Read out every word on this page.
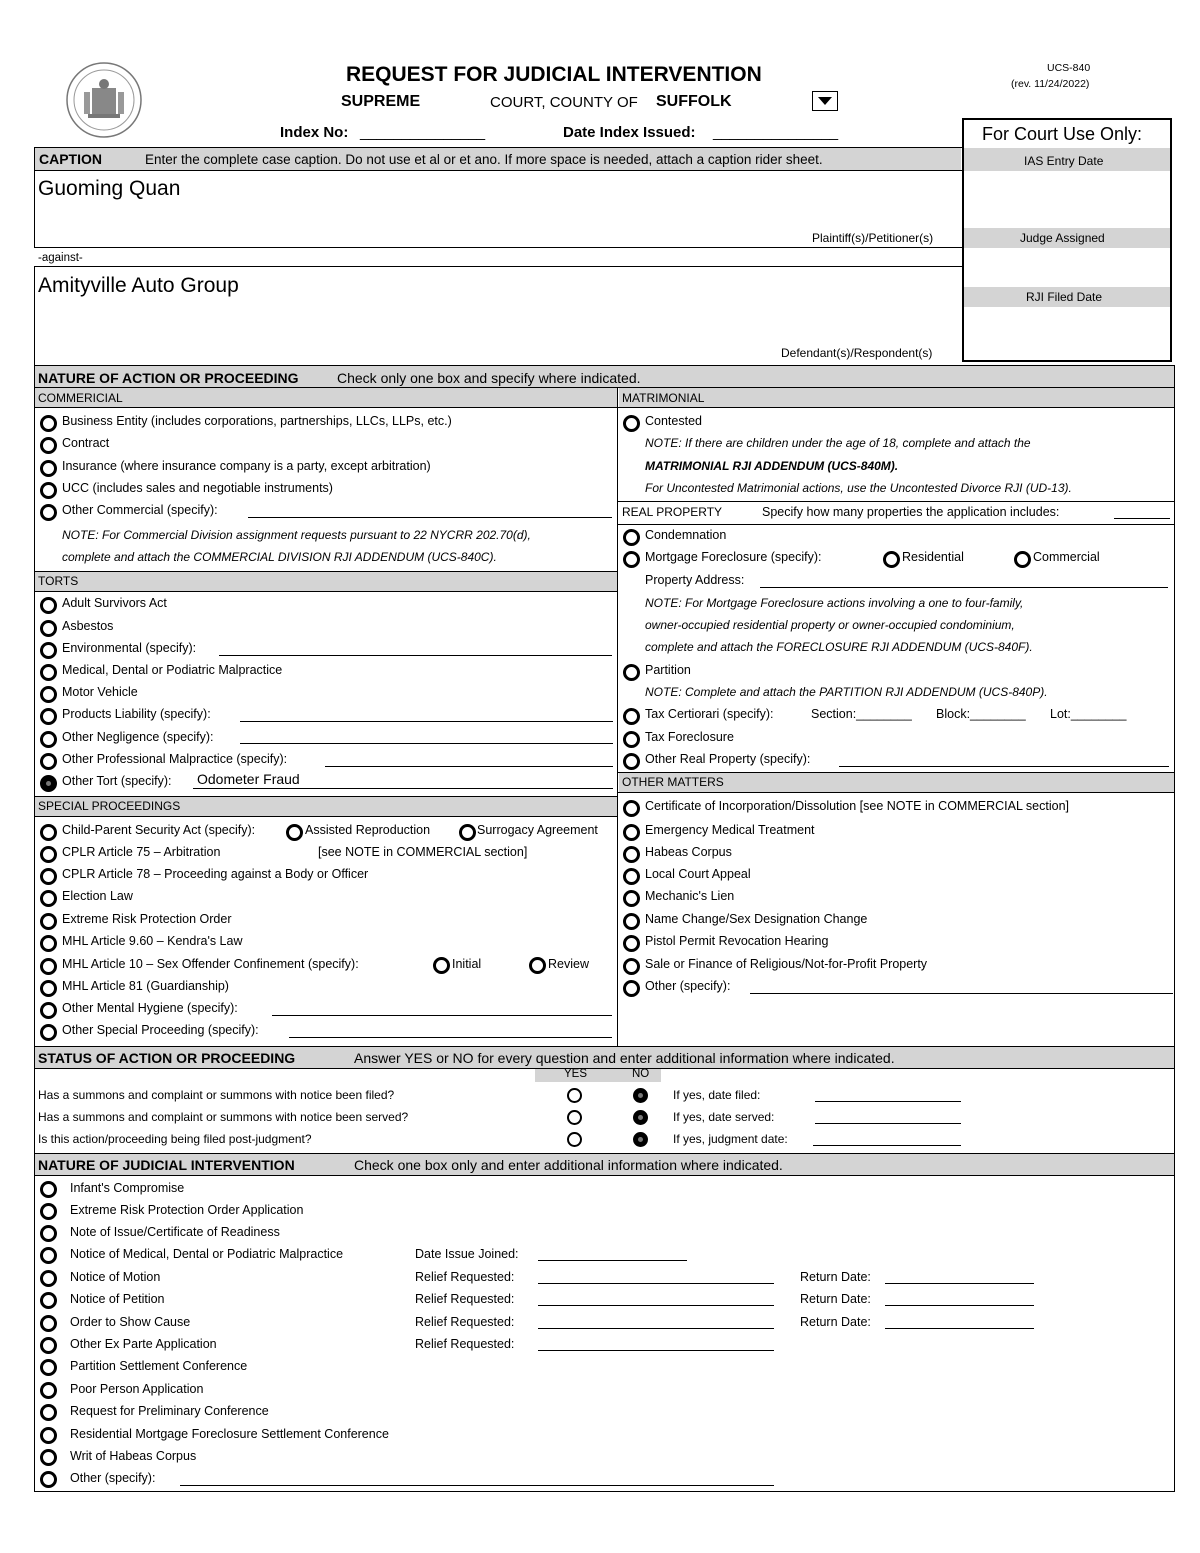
REQUEST FOR JUDICIAL INTERVENTION
SUPREME	COURT, COUNTY OF SUFFOLK
UCS-840
(rev. 11/24/2022)
Index No: _______________	Date Index Issued: _______________	For Court Use Only:
IAS Entry Date
Judge Assigned
RJI Filed Date
CAPTION	Enter the complete case caption. Do not use et al or et ano. If more space is needed, attach a caption rider sheet.
Guoming Quan
Plaintiff(s)/Petitioner(s)
-against-
Amityville Auto Group
Defendant(s)/Respondent(s)
NATURE OF ACTION OR PROCEEDING	Check only one box and specify where indicated.
COMMERICIAL
TORTS
SPECIAL PROCEEDINGS
MATRIMONIAL
REAL PROPERTY	Specify how many properties the application includes:
OTHER MATTERS
Business Entity (includes corporations, partnerships, LLCs, LLPs, etc.)
Contract
Insurance (where insurance company is a party, except arbitration)
UCC (includes sales and negotiable instruments)
Other Commercial (specify):
NOTE: For Commercial Division assignment requests pursuant to 22 NYCRR 202.70(d),
complete and attach the COMMERCIAL DIVISION RJI ADDENDUM (UCS-840C).
Adult Survivors Act
Asbestos
Environmental (specify):
Medical, Dental or Podiatric Malpractice
Motor Vehicle
Products Liability (specify):
Other Negligence (specify):
Other Professional Malpractice (specify):
Other Tort (specify): Odometer Fraud
Child-Parent Security Act (specify):	Assisted Reproduction	Surrogacy Agreement
CPLR Article 75 – Arbitration	[see NOTE in COMMERCIAL section]
CPLR Article 78 – Proceeding against a Body or Officer
Election Law
Extreme Risk Protection Order
MHL Article 9.60 – Kendra's Law
MHL Article 10 – Sex Offender Confinement (specify):	Initial	Review
MHL Article 81 (Guardianship)
Other Mental Hygiene (specify):
Other Special Proceeding (specify):
Contested
NOTE: If there are children under the age of 18, complete and attach the
MATRIMONIAL RJI ADDENDUM (UCS-840M).
For Uncontested Matrimonial actions, use the Uncontested Divorce RJI (UD-13).
Condemnation
Mortgage Foreclosure (specify):	Residential	Commercial
Property Address:
NOTE: For Mortgage Foreclosure actions involving a one to four-family,
owner-occupied residential property or owner-occupied condominium,
complete and attach the FORECLOSURE RJI ADDENDUM (UCS-840F).
Partition
NOTE: Complete and attach the PARTITION RJI ADDENDUM (UCS-840P).
Tax Certiorari (specify):	Section:________ Block:________ Lot:________
Tax Foreclosure
Other Real Property (specify):
Certificate of Incorporation/Dissolution [see NOTE in COMMERCIAL section]
Emergency Medical Treatment
Habeas Corpus
Local Court Appeal
Mechanic's Lien
Name Change/Sex Designation Change
Pistol Permit Revocation Hearing
Sale or Finance of Religious/Not-for-Profit Property
Other (specify):
STATUS OF ACTION OR PROCEEDING	Answer YES or NO for every question and enter additional information where indicated.
YES	NO
Has a summons and complaint or summons with notice been filed?	If yes, date filed:
Has a summons and complaint or summons with notice been served?	If yes, date served:
Is this action/proceeding being filed post-judgment?	If yes, judgment date:
NATURE OF JUDICIAL INTERVENTION	Check one box only and enter additional information where indicated.
Infant's Compromise
Extreme Risk Protection Order Application
Note of Issue/Certificate of Readiness
Notice of Medical, Dental or Podiatric Malpractice	Date Issue Joined:
Notice of Motion	Relief Requested:	Return Date:
Notice of Petition	Relief Requested:	Return Date:
Order to Show Cause	Relief Requested:	Return Date:
Other Ex Parte Application	Relief Requested:
Partition Settlement Conference
Poor Person Application
Request for Preliminary Conference
Residential Mortgage Foreclosure Settlement Conference
Writ of Habeas Corpus
Other (specify):
